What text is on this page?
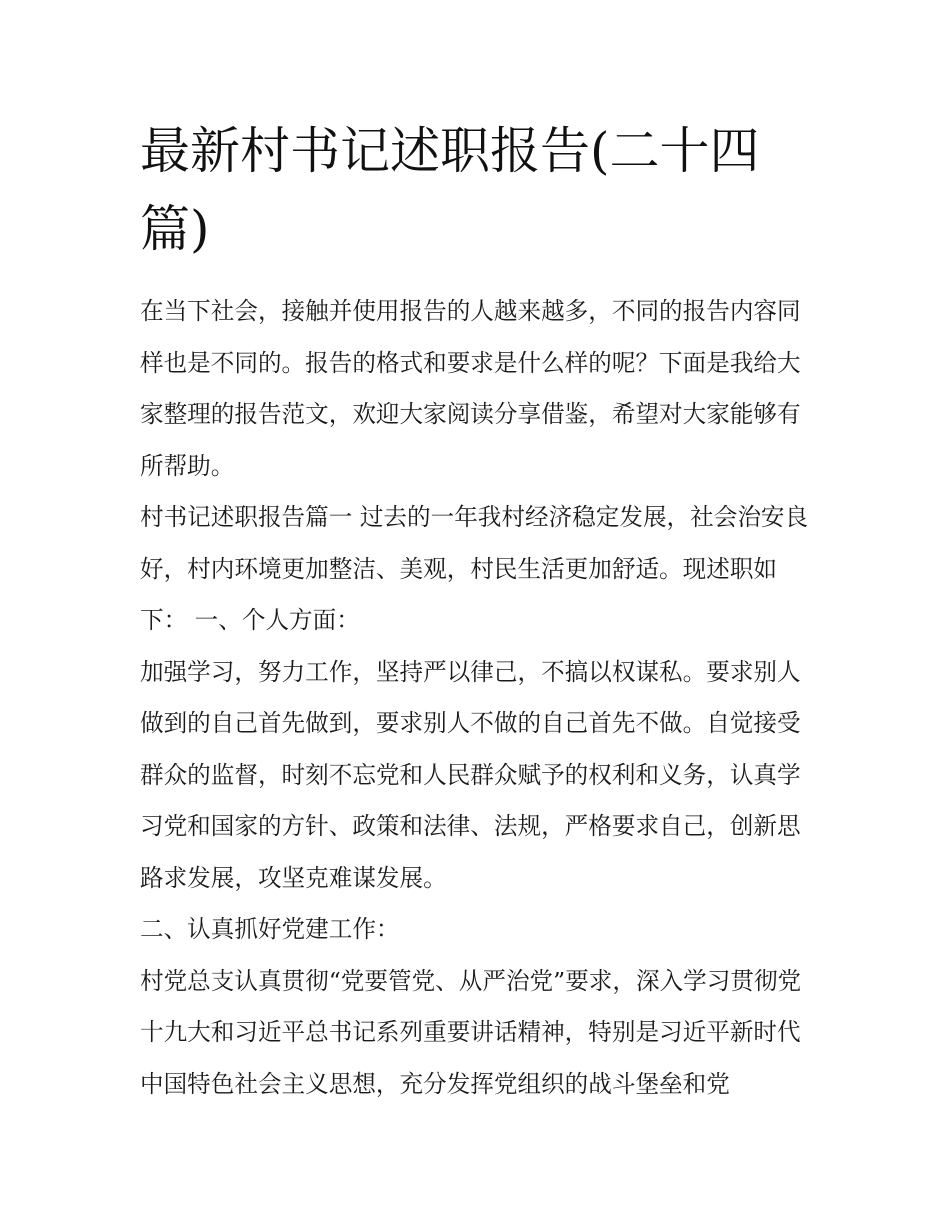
最新村书记述职报告(二十四篇)

在当下社会，接触并使用报告的人越来越多，不同的报告内容同样也是不同的。报告的格式和要求是什么样的呢？下面是我给大家整理的报告范文，欢迎大家阅读分享借鉴，希望对大家能够有所帮助。

村书记述职报告篇一 过去的一年我村经济稳定发展，社会治安良好，村内环境更加整洁、美观，村民生活更加舒适。现述职如下： 一、个人方面：

加强学习，努力工作，坚持严以律己，不搞以权谋私。要求别人做到的自己首先做到，要求别人不做的自己首先不做。自觉接受群众的监督，时刻不忘党和人民群众赋予的权利和义务，认真学习党和国家的方针、政策和法律、法规，严格要求自己，创新思路求发展，攻坚克难谋发展。

二、认真抓好党建工作：

村党总支认真贯彻“党要管党、从严治党”要求，深入学习贯彻党十九大和习近平总书记系列重要讲话精神，特别是习近平新时代中国特色社会主义思想，充分发挥党组织的战斗堡垒和党
